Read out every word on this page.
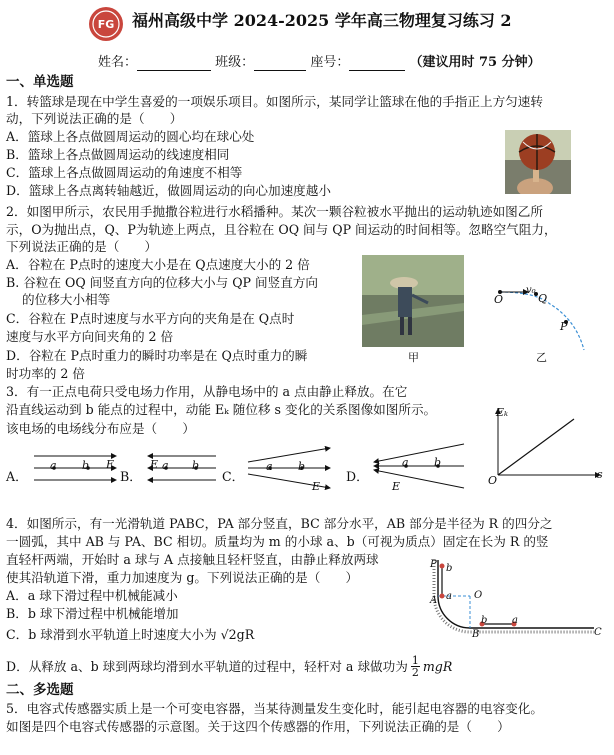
FG 福州高级中学 2024-2025 学年高三物理复习练习 2
姓名：	班级：	座号：	（建议用时 75 分钟）
一、单选题
1．转篮球是现在中学生喜爱的一项娱乐项目。如图所示，某同学让篮球在他的手指正上方匀速转
动，下列说法正确的是（　　）
A．篮球上各点做圆周运动的圆心均在球心处
B．篮球上各点做圆周运动的线速度相同
C．篮球上各点做圆周运动的角速度不相等
D．篮球上各点离转轴越近，做圆周运动的向心加速度越小
2．如图甲所示，农民用手抛撒谷粒进行水稻播种。某次一颗谷粒被水平抛出的运动轨迹如图乙所
示，O为抛出点，Q、P为轨迹上两点，且谷粒在 OQ 间与 QP 间运动的时间相等。忽略空气阻力，
下列说法正确的是（　　）
A．谷粒在 P点时的速度大小是在 Q点速度大小的 2 倍
B. 谷粒在 OQ 间竖直方向的位移大小与 QP 间竖直方向
的位移大小相等
C．谷粒在 P点时速度与水平方向的夹角是在 Q点时
速度与水平方向间夹角的 2 倍
D．谷粒在 P点时重力的瞬时功率是在 Q点时重力的瞬
时功率的 2 倍
甲
O
v₀
Q
P
乙
3．有一正点电荷只受电场力作用，从静电场中的 a 点由静止释放。在它
沿直线运动到 b 能点的过程中，动能 Eₖ 随位移 s 变化的关系图像如图所示。
该电场的电场线分布应是（　　）
Eₖ
O	s
A．
a b E
B．
E a b
C．
a b
E
D．
E
a b
4．如图所示，有一光滑轨道 PABC，PA 部分竖直，BC 部分水平，AB 部分是半径为 R 的四分之
一圆弧，其中 AB 与 PA、BC 相切。质量均为 m 的小球 a、b（可视为质点）固定在长为 R 的竖
直轻杆两端，开始时 a 球与 A 点接触且轻杆竖直，由静止释放两球
使其沿轨道下滑，重力加速度为 g。下列说法正确的是（　　）
A．a 球下滑过程中机械能减小
B．b 球下滑过程中机械能增加
C．b 球滑到水平轨道上时速度大小为 √2gR
D．从释放 a、b 球到两球均滑到水平轨道的过程中，轻杆对 a 球做功为 $\frac{1}{2}$ mgR
P b
a
A	O
B	C
b a
二、多选题
5．电容式传感器实质上是一个可变电容器，当某待测量发生变化时，能引起电容器的电容变化。
如图是四个电容式传感器的示意图。关于这四个传感器的作用，下列说法正确的是（　　）
